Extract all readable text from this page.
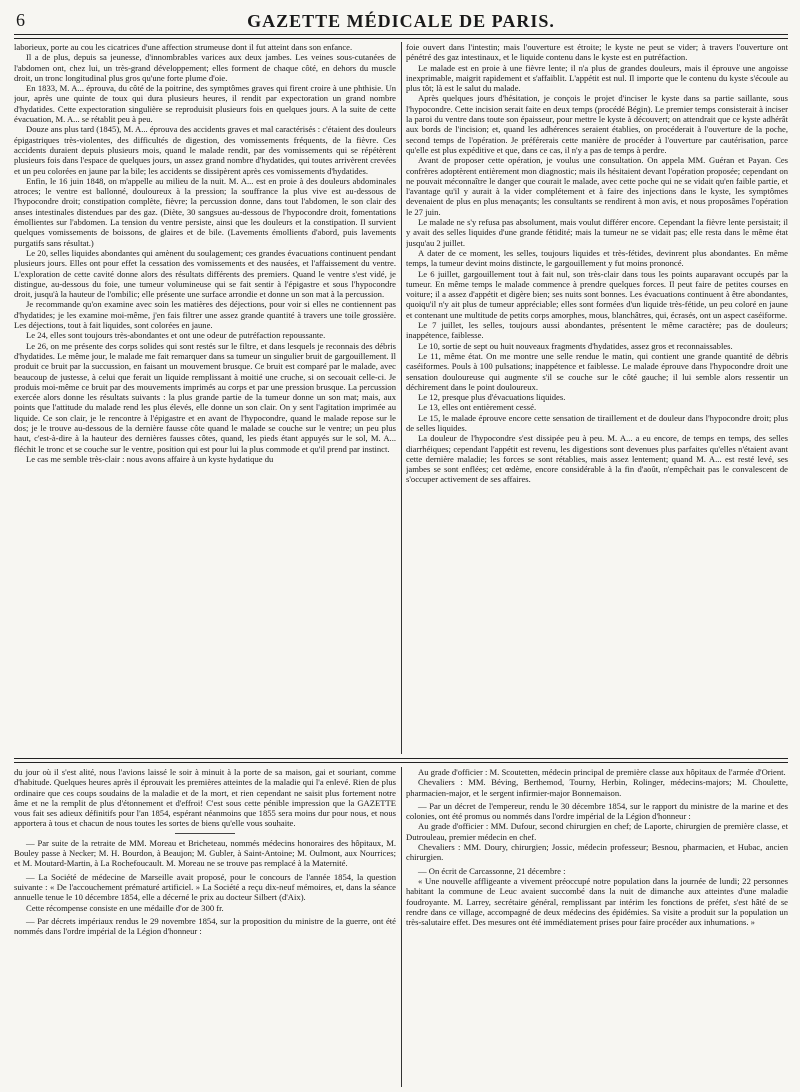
6	GAZETTE MÉDICALE DE PARIS.

laborieux, porte au cou les cicatrices d'une affection strumeuse dont il fut atteint dans son enfance.

Il a de plus, depuis sa jeunesse, d'innombrables varices aux deux jambes. Les veines sous-cutanées de l'abdomen ont, chez lui, un très-grand développement; elles forment de chaque côté, en dehors du muscle droit, un tronc longitudinal plus gros qu'une forte plume d'oie.

En 1833, M. A... éprouva, du côté de la poitrine, des symptômes graves qui firent croire à une phthisie. Un jour, après une quinte de toux qui dura plusieurs heures, il rendit par expectoration un grand nombre d'hydatides. Cette expectoration singulière se reproduisit plusieurs fois en quelques jours. A la suite de cette évacuation, M. A... se rétablit peu à peu.

Douze ans plus tard (1845), M. A... éprouva des accidents graves et mal caractérisés : c'étaient des douleurs épigastriques très-violentes, des difficultés de digestion, des vomissements fréquents, de la fièvre. Ces accidents duraient depuis plusieurs mois, quand le malade rendit, par des vomissements qui se répétèrent plusieurs fois dans l'espace de quelques jours, un assez grand nombre d'hydatides, qui toutes arrivèrent crevées et un peu colorées en jaune par la bile; les accidents se dissipèrent après ces vomissements d'hydatides.

Enfin, le 16 juin 1848, on m'appelle au milieu de la nuit. M. A... est en proie à des douleurs abdominales atroces; le ventre est ballonné, douloureux à la pression; la souffrance la plus vive est au-dessous de l'hypocondre droit; constipation complète, fièvre; la percussion donne, dans tout l'abdomen, le son clair des anses intestinales distendues par des gaz. (Diète, 30 sangsues au-dessous de l'hypocondre droit, fomentations émollientes sur l'abdomen. La tension du ventre persiste, ainsi que les douleurs et la constipation. Il survient quelques vomissements de boissons, de glaires et de bile. (Lavements émollients d'abord, puis lavements purgatifs sans résultat.)

Le 20, selles liquides abondantes qui amènent du soulagement; ces grandes évacuations continuent pendant plusieurs jours. Elles ont pour effet la cessation des vomissements et des nausées, et l'affaissement du ventre. L'exploration de cette cavité donne alors des résultats différents des premiers. Quand le ventre s'est vidé, je distingue, au-dessous du foie, une tumeur volumineuse qui se fait sentir à l'épigastre et sous l'hypocondre droit, jusqu'à la hauteur de l'ombilic; elle présente une surface arrondie et donne un son mat à la percussion.

Je recommande qu'on examine avec soin les matières des déjections, pour voir si elles ne contiennent pas d'hydatides; je les examine moi-même, j'en fais filtrer une assez grande quantité à travers une toile grossière. Les déjections, tout à fait liquides, sont colorées en jaune.

Le 24, elles sont toujours très-abondantes et ont une odeur de putréfaction repoussante.

Le 26, on me présente des corps solides qui sont restés sur le filtre, et dans lesquels je reconnais des débris d'hydatides. Le même jour, le malade me fait remarquer dans sa tumeur un singulier bruit de gargouillement. Il produit ce bruit par la succussion, en faisant un mouvement brusque. Ce bruit est comparé par le malade, avec beaucoup de justesse, à celui que ferait un liquide remplissant à moitié une cruche, si on secouait celle-ci. Je produis moi-même ce bruit par des mouvements imprimés au corps et par une pression brusque. La percussion exercée alors donne les résultats suivants : la plus grande partie de la tumeur donne un son mat; mais, aux points que l'attitude du malade rend les plus élevés, elle donne un son clair. On y sent l'agitation imprimée au liquide. Ce son clair, je le rencontre à l'épigastre et en avant de l'hypocondre, quand le malade repose sur le dos; je le trouve au-dessous de la dernière fausse côte quand le malade se couche sur le ventre; un peu plus haut, c'est-à-dire à la hauteur des dernières fausses côtes, quand, les pieds étant appuyés sur le sol, M. A... fléchit le tronc et se couche sur le ventre, position qui est pour lui la plus commode et qu'il prend par instinct.

Le cas me semble très-clair : nous avons affaire à un kyste hydatique du

foie ouvert dans l'intestin; mais l'ouverture est étroite; le kyste ne peut se vider; à travers l'ouverture ont pénétré des gaz intestinaux, et le liquide contenu dans le kyste est en putréfaction.

Le malade est en proie à une fièvre lente; il n'a plus de grandes douleurs, mais il éprouve une angoisse inexprimable, maigrit rapidement et s'affaiblit. L'appétit est nul. Il importe que le contenu du kyste s'écoule au plus tôt; là est le salut du malade.

Après quelques jours d'hésitation, je conçois le projet d'inciser le kyste dans sa partie saillante, sous l'hypocondre. Cette incision serait faite en deux temps (procédé Bégin). Le premier temps consisterait à inciser la paroi du ventre dans toute son épaisseur, pour mettre le kyste à découvert; on attendrait que ce kyste adhérât aux bords de l'incision; et, quand les adhérences seraient établies, on procéderait à l'ouverture de la poche, second temps de l'opération. Je préférerais cette manière de procéder à l'ouverture par cautérisation, parce qu'elle est plus expéditive et que, dans ce cas, il n'y a pas de temps à perdre.

Avant de proposer cette opération, je voulus une consultation. On appela MM. Guéran et Payan. Ces confrères adoptèrent entièrement mon diagnostic; mais ils hésitaient devant l'opération proposée; cependant on ne pouvait méconnaître le danger que courait le malade, avec cette poche qui ne se vidait qu'en faible partie, et l'avantage qu'il y aurait à la vider complétement et à faire des injections dans le kyste, les symptômes devenaient de plus en plus menaçants; les consultants se rendirent à mon avis, et nous proposâmes l'opération le 27 juin.

Le malade ne s'y refusa pas absolument, mais voulut différer encore. Cependant la fièvre lente persistait; il y avait des selles liquides d'une grande fétidité; mais la tumeur ne se vidait pas; elle resta dans le même état jusqu'au 2 juillet.

A dater de ce moment, les selles, toujours liquides et très-fétides, devinrent plus abondantes. En même temps, la tumeur devint moins distincte, le gargouillement y fut moins prononcé.

Le 6 juillet, gargouillement tout à fait nul, son très-clair dans tous les points auparavant occupés par la tumeur. En même temps le malade commence à prendre quelques forces. Il peut faire de petites courses en voiture; il a assez d'appétit et digère bien; ses nuits sont bonnes. Les évacuations continuent à être abondantes, quoiqu'il n'y ait plus de tumeur appréciable; elles sont formées d'un liquide très-fétide, un peu coloré en jaune et contenant une multitude de petits corps amorphes, mous, blanchâtres, qui, écrasés, ont un aspect caséiforme.

Le 7 juillet, les selles, toujours aussi abondantes, présentent le même caractère; pas de douleurs; inappétence, faiblesse.

Le 10, sortie de sept ou huit nouveaux fragments d'hydatides, assez gros et reconnaissables.

Le 11, même état. On me montre une selle rendue le matin, qui contient une grande quantité de débris caséiformes. Pouls à 100 pulsations; inappétence et faiblesse. Le malade éprouve dans l'hypocondre droit une sensation douloureuse qui augmente s'il se couche sur le côté gauche; il lui semble alors ressentir un déchirement dans le point douloureux.

Le 12, presque plus d'évacuations liquides.

Le 13, elles ont entièrement cessé.

Le 15, le malade éprouve encore cette sensation de tiraillement et de douleur dans l'hypocondre droit; plus de selles liquides.

La douleur de l'hypocondre s'est dissipée peu à peu. M. A... a eu encore, de temps en temps, des selles diarrhéiques; cependant l'appétit est revenu, les digestions sont devenues plus parfaites qu'elles n'étaient avant cette dernière maladie; les forces se sont rétablies, mais assez lentement; quand M. A... est resté levé, ses jambes se sont enflées; cet œdème, encore considérable à la fin d'août, n'empêchait pas le convalescent de s'occuper activement de ses affaires.

du jour où il s'est alité, nous l'avions laissé le soir à minuit à la porte de sa maison, gai et souriant, comme d'habitude. Quelques heures après il éprouvait les premières atteintes de la maladie qui l'a enlevé. Rien de plus ordinaire que ces coups soudains de la maladie et de la mort, et rien cependant ne saisit plus fortement notre âme et ne la remplit de plus d'étonnement et d'effroi! C'est sous cette pénible impression que la GAZETTE vous fait ses adieux définitifs pour l'an 1854, espérant néanmoins que 1855 sera moins dur pour nous, et nous apportera à tous et chacun de nous toutes les sortes de biens qu'elle vous souhaite.

— Par suite de la retraite de MM. Moreau et Bricheteau, nommés médecins honoraires des hôpitaux, M. Bouley passe à Necker; M. H. Bourdon, à Beaujon; M. Gubler, à Saint-Antoine; M. Oulmont, aux Nourrices; et M. Moutard-Martin, à La Rochefoucault. M. Moreau ne se trouve pas remplacé à la Maternité.

— La Société de médecine de Marseille avait proposé, pour le concours de l'année 1854, la question suivante : « De l'accouchement prématuré artificiel. » La Société a reçu dix-neuf mémoires, et, dans la séance annuelle tenue le 10 décembre 1854, elle a décerné le prix au docteur Silbert (d'Aix).

Cette récompense consiste en une médaille d'or de 300 fr.

— Par décrets impériaux rendus le 29 novembre 1854, sur la proposition du ministre de la guerre, ont été nommés dans l'ordre impérial de la Légion d'honneur :

Au grade d'officier : M. Scoutetten, médecin principal de première classe aux hôpitaux de l'armée d'Orient.

Chevaliers : MM. Béving, Berthemod, Tourny, Herbin, Rolinger, médecins-majors; M. Choulette, pharmacien-major, et le sergent infirmier-major Bonnemaison.

— Par un décret de l'empereur, rendu le 30 décembre 1854, sur le rapport du ministre de la marine et des colonies, ont été promus ou nommés dans l'ordre impérial de la Légion d'honneur :

Au grade d'officier : MM. Dufour, second chirurgien en chef; de Laporte, chirurgien de première classe, et Dutrouleau, premier médecin en chef.

Chevaliers : MM. Doury, chirurgien; Jossic, médecin professeur; Besnou, pharmacien, et Hubac, ancien chirurgien.

— On écrit de Carcassonne, 21 décembre :

« Une nouvelle affligeante a vivement préoccupé notre population dans la journée de lundi; 22 personnes habitant la commune de Leuc avaient succombé dans la nuit de dimanche aux atteintes d'une maladie foudroyante. M. Larrey, secrétaire général, remplissant par intérim les fonctions de préfet, s'est hâté de se rendre dans ce village, accompagné de deux médecins des épidémies. Sa visite a produit sur la population un très-salutaire effet. Des mesures ont été immédiatement prises pour faire procéder aux inhumations. »
